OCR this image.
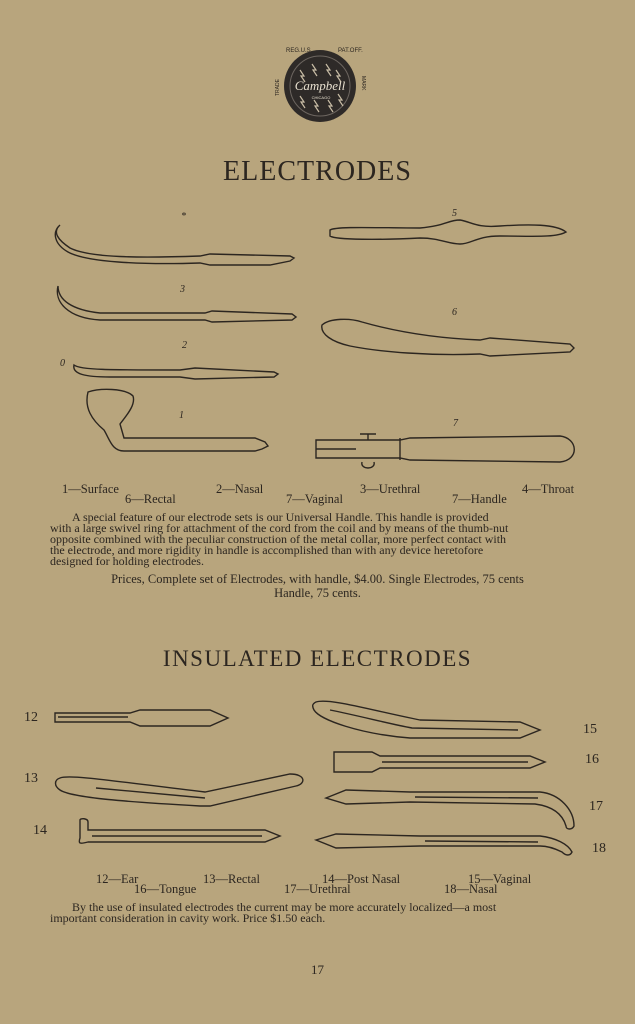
Campbell
CHICAGO
REG.U.S.	PAT.OFF.
TRADE	MARK
ELECTRODES
*
3
2
0
1
5
6
7
1—Surface	2—Nasal	3—Urethral	4—Throat
6—Rectal	7—Vaginal	7—Handle
A special feature of our electrode sets is our Universal Handle. This handle is provided
with a large swivel ring for attachment of the cord from the coil and by means of the thumb-nut
opposite combined with the peculiar construction of the metal collar, more perfect contact with
the electrode, and more rigidity in handle is accomplished than with any device heretofore
designed for holding electrodes.
Prices, Complete set of Electrodes, with handle, $4.00. Single Electrodes, 75 cents
Handle, 75 cents.
INSULATED ELECTRODES
12
13
14
15
16
17
18
12—Ear	13—Rectal	14—Post Nasal	15—Vaginal
16—Tongue	17—Urethral	18—Nasal
By the use of insulated electrodes the current may be more accurately localized—a most
important consideration in cavity work. Price $1.50 each.
17
